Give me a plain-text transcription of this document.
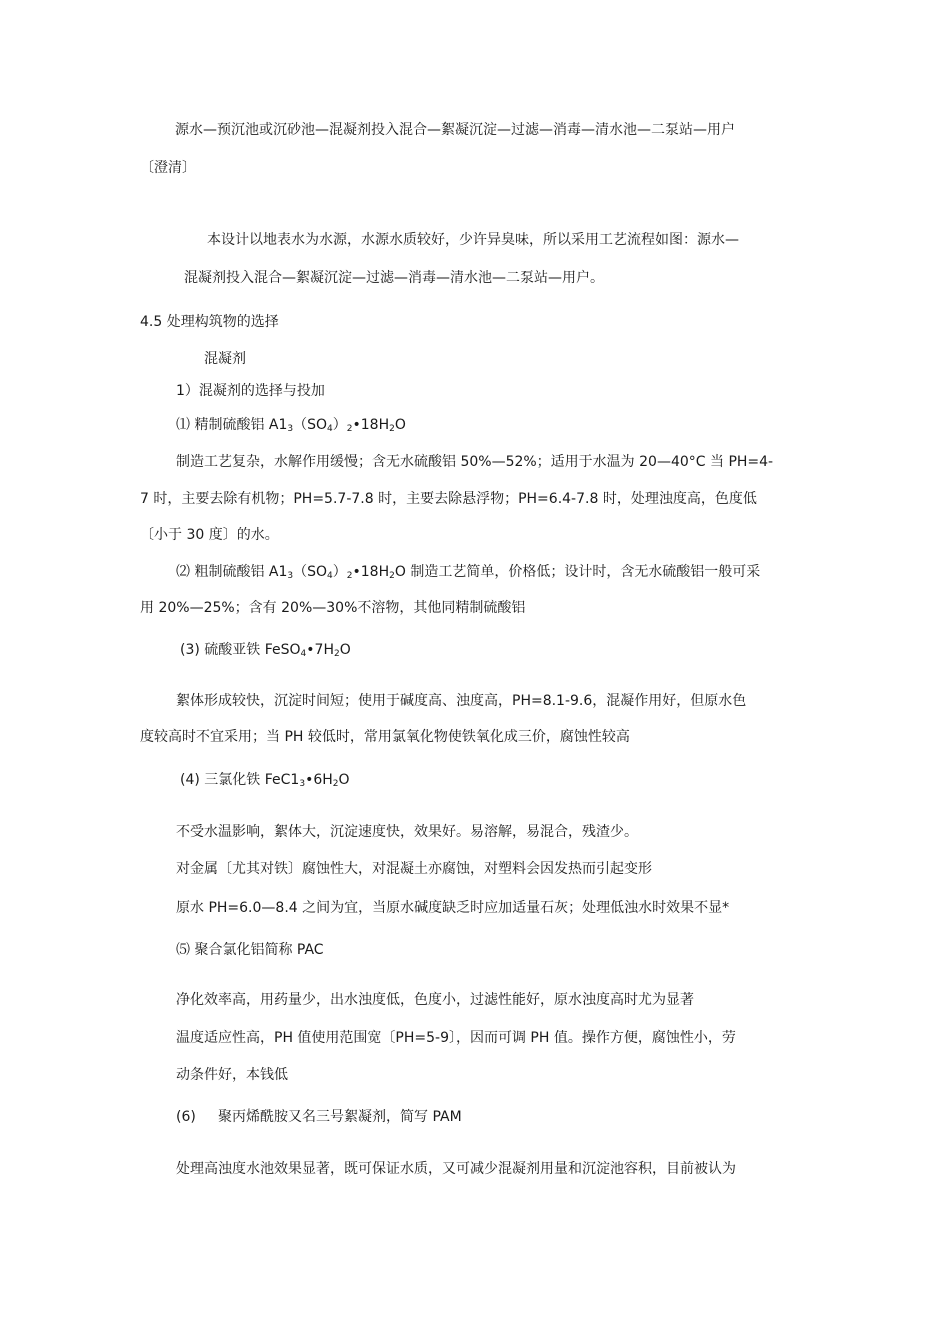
源水—预沉池或沉砂池—混凝剂投入混合—絮凝沉淀—过滤—消毒—清水池—二泵站—用户
〔澄清〕
本设计以地表水为水源，水源水质较好，少许异臭味，所以采用工艺流程如图：源水—
混凝剂投入混合—絮凝沉淀—过滤—消毒—清水池—二泵站—用户。
4.5 处理构筑物的选择
混凝剂
1）混凝剂的选择与投加
⑴ 精制硫酸铝 $A1_3(SO_4)_2•18H_2O$
制造工艺复杂，水解作用缓慢；含无水硫酸铝 50%—52%；适用于水温为 20—40°C 当 PH=4-
7 时，主要去除有机物；PH=5.7-7.8 时，主要去除悬浮物；PH=6.4-7.8 时，处理浊度高，色度低
〔小于 30 度〕的水。
⑵ 粗制硫酸铝 $A1_3(SO_4)_2•18H_2O$ 制造工艺简单，价格低；设计时，含无水硫酸铝一般可采
用 20%—25%；含有 20%—30%不溶物，其他同精制硫酸铝
(3) 硫酸亚铁 $FeSO_4•7H_2O$
絮体形成较快，沉淀时间短；使用于碱度高、浊度高，PH=8.1-9.6，混凝作用好，但原水色
度较高时不宜采用；当 PH 较低时，常用氯氧化物使铁氧化成三价，腐蚀性较高
(4) 三氯化铁 $FeC1_3•6H_2O$
不受水温影响，絮体大，沉淀速度快，效果好。易溶解，易混合，残渣少。
对金属〔尤其对铁〕腐蚀性大，对混凝土亦腐蚀，对塑料会因发热而引起变形
原水 PH=6.0—8.4 之间为宜，当原水碱度缺乏时应加适量石灰；处理低浊水时效果不显*
⑸ 聚合氯化铝简称 PAC
净化效率高，用药量少，出水浊度低，色度小，过滤性能好，原水浊度高时尤为显著
温度适应性高，PH 值使用范围宽〔PH=5-9〕，因而可调 PH 值。操作方便，腐蚀性小，劳
动条件好，本钱低
(6) 聚丙烯酰胺又名三号絮凝剂，简写 PAM
处理高浊度水池效果显著，既可保证水质，又可减少混凝剂用量和沉淀池容积，目前被认为
